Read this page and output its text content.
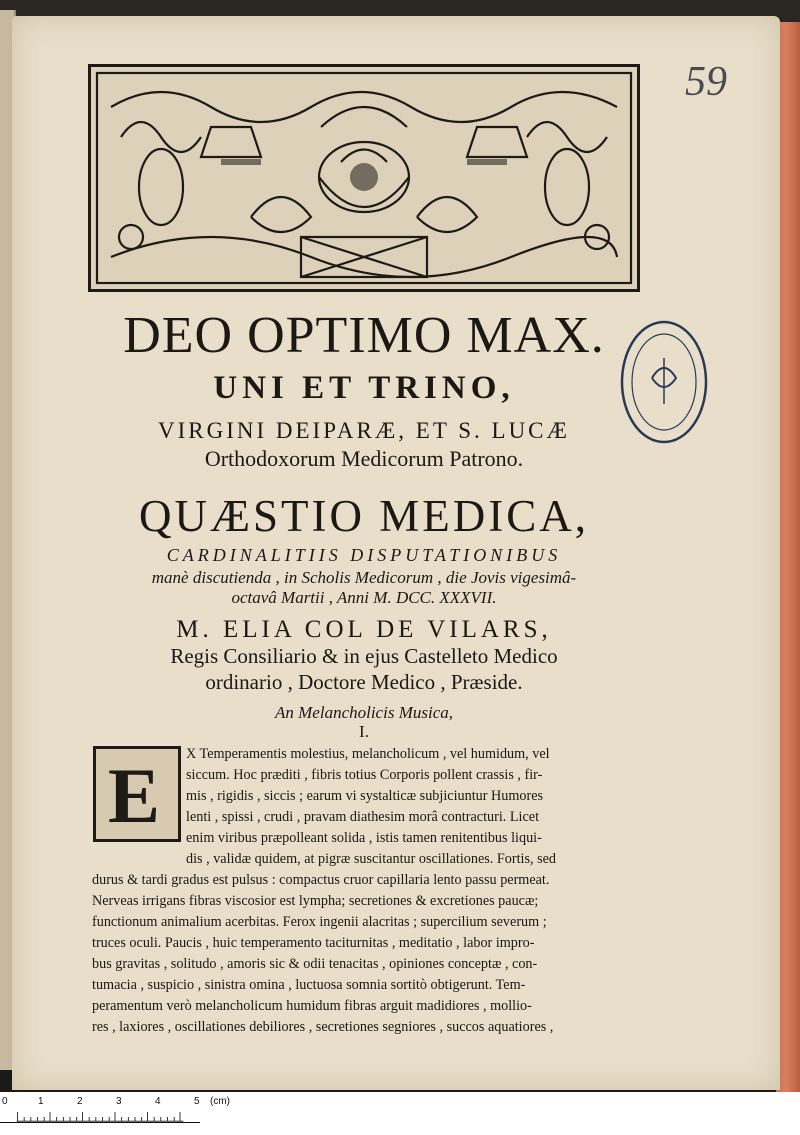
59
DEO OPTIMO MAX.
UNI ET TRINO,
VIRGINI DEIPARÆ, ET S. LUCÆ
Orthodoxorum Medicorum Patrono.
QUÆSTIO MEDICA,
CARDINALITIIS DISPUTATIONIBUS
manè discutienda , in Scholis Medicorum , die Jovis vigesimâ-
octavâ Martii , Anni M. DCC. XXXVII.
M. ELIA COL DE VILARS,
Regis Consiliario & in ejus Castelleto Medico
ordinario , Doctore Medico , Præside.
An Melancholicis Musica,
I.
E X Temperamentis molestius, melancholicum , vel humidum, vel
siccum. Hoc præditi , fibris totius Corporis pollent crassis , fir-
mis , rigidis , siccis ; earum vi systalticæ subjiciuntur Humores
lenti , spissi , crudi , pravam diathesim morâ contracturi. Licet
enim viribus præpolleant solida , istis tamen renitentibus liqui-
dis , validæ quidem, at pigræ suscitantur oscillationes. Fortis, sed
durus & tardi gradus est pulsus : compactus cruor capillaria lento passu permeat.
Nerveas irrigans fibras viscosior est lympha; secretiones & excretiones paucæ;
functionum animalium acerbitas. Ferox ingenii alacritas ; supercilium severum ;
truces oculi. Paucis , huic temperamento taciturnitas , meditatio , labor impro-
bus gravitas , solitudo , amoris sic & odii tenacitas , opiniones conceptæ , con-
tumacia , suspicio , sinistra omina , luctuosa somnia sortitò obtigerunt. Tem-
peramentum verò melancholicum humidum fibras arguit madidiores , mollio-
res , laxiores , oscillationes debiliores , secretiones segniores , succos aquatiores ,
0	1	2	3	4	5 (cm)
